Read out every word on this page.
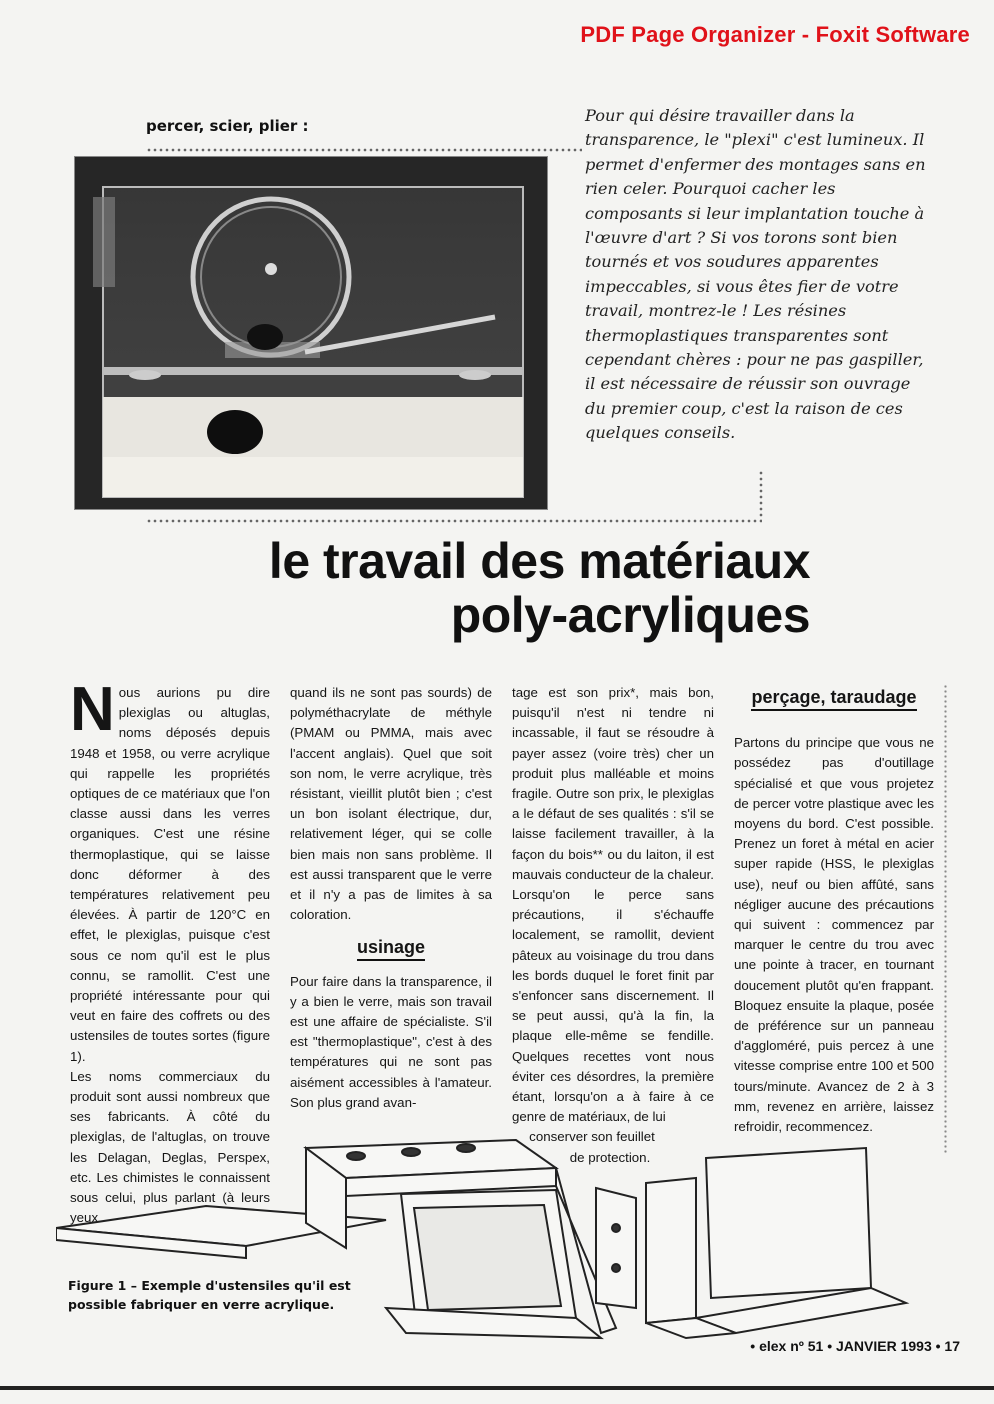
PDF Page Organizer - Foxit Software
percer, scier, plier :
Pour qui désire travailler dans la transparence, le "plexi" c'est lumineux. Il permet d'enfermer des montages sans en rien celer. Pourquoi cacher les composants si leur implantation touche à l'œuvre d'art ? Si vos torons sont bien tournés et vos soudures apparentes impeccables, si vous êtes fier de votre travail, montrez-le ! Les résines thermoplastiques transparentes sont cependant chères : pour ne pas gaspiller, il est nécessaire de réussir son ouvrage du premier coup, c'est la raison de ces quelques conseils.
le travail des matériaux
poly-acryliques

N ous aurions pu dire plexiglas ou altuglas, noms déposés depuis 1948 et 1958, ou verre acrylique qui rappelle les propriétés optiques de ce matériaux que l'on classe aussi dans les verres organiques. C'est une résine thermoplastique, qui se laisse donc déformer à des températures relativement peu élevées. À partir de 120°C en effet, le plexiglas, puisque c'est sous ce nom qu'il est le plus connu, se ramollit. C'est une propriété intéressante pour qui veut en faire des coffrets ou des ustensiles de toutes sortes (figure 1).

Les noms commerciaux du produit sont aussi nombreux que ses fabricants. À côté du plexiglas, de l'altuglas, on trouve les Delagan, Deglas, Perspex, etc. Les chimistes le connaissent sous celui, plus parlant (à leurs yeux

quand ils ne sont pas sourds) de polyméthacrylate de méthyle (PMAM ou PMMA, mais avec l'accent anglais). Quel que soit son nom, le verre acrylique, très résistant, vieillit plutôt bien ; c'est un bon isolant électrique, dur, relativement léger, qui se colle bien mais non sans problème. Il est aussi transparent que le verre et il n'y a pas de limites à sa coloration.

usinage

Pour faire dans la transparence, il y a bien le verre, mais son travail est une affaire de spécialiste. S'il est "thermoplastique", c'est à des températures qui ne sont pas aisément accessibles à l'amateur. Son plus grand avan-

tage est son prix*, mais bon, puisqu'il n'est ni tendre ni incassable, il faut se résoudre à payer assez (voire très) cher un produit plus malléable et moins fragile. Outre son prix, le plexiglas a le défaut de ses qualités : s'il se laisse facilement travailler, à la façon du bois** ou du laiton, il est mauvais conducteur de la chaleur. Lorsqu'on le perce sans précautions, il s'échauffe localement, se ramollit, devient pâteux au voisinage du trou dans les bords duquel le foret finit par s'enfoncer sans discernement. Il se peut aussi, qu'à la fin, la plaque elle-même se fendille. Quelques recettes vont nous éviter ces désordres, la première étant, lorsqu'on a à faire à ce genre de matériaux, de lui

conserver son feuillet
de protection.
perçage, taraudage

Partons du principe que vous ne possédez pas d'outillage spécialisé et que vous projetez de percer votre plastique avec les moyens du bord. C'est possible. Prenez un foret à métal en acier super rapide (HSS, le plexiglas use), neuf ou bien affûté, sans négliger aucune des précautions qui suivent : commencez par marquer le centre du trou avec une pointe à tracer, en tournant doucement plutôt qu'en frappant. Bloquez ensuite la plaque, posée de préférence sur un panneau d'aggloméré, puis percez à une vitesse comprise entre 100 et 500 tours/minute. Avancez de 2 à 3 mm, revenez en arrière, laissez refroidir, recommencez.

Figure 1 – Exemple d'ustensiles qu'il est possible fabriquer en verre acrylique.
• elex nº 51 • JANVIER 1993 • 17
